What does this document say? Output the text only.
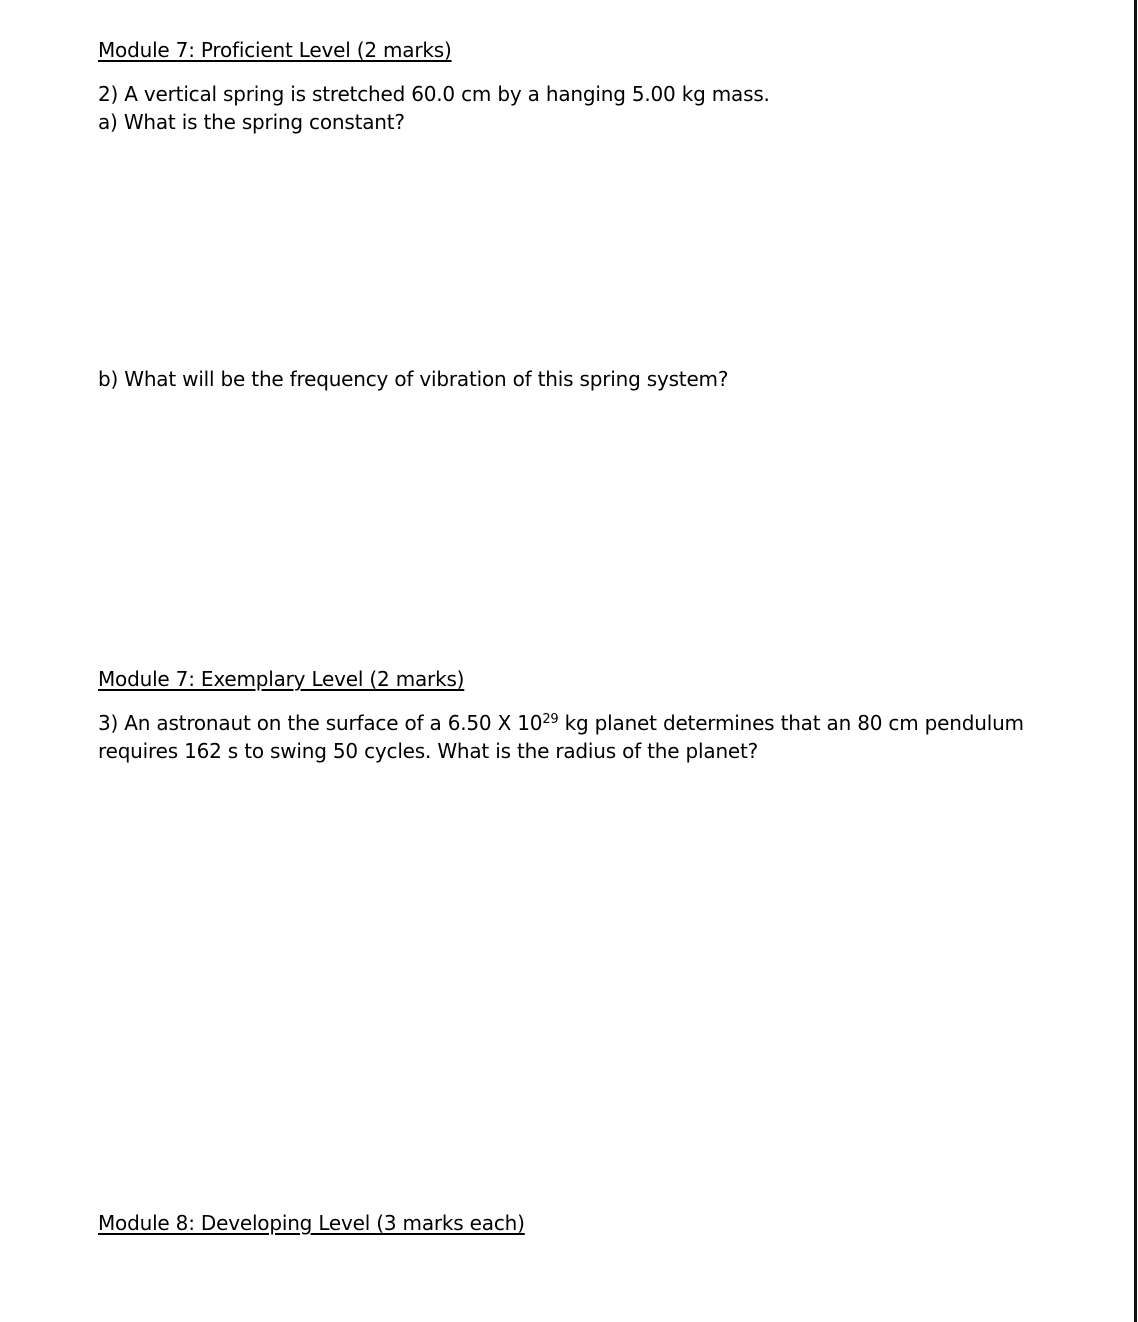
Module 7: Proficient Level (2 marks)
2) A vertical spring is stretched 60.0 cm by a hanging 5.00 kg mass.
a) What is the spring constant?
b) What will be the frequency of vibration of this spring system?
Module 7: Exemplary Level (2 marks)
3) An astronaut on the surface of a 6.50 X $10^{29}$ kg planet determines that an 80 cm pendulum
requires 162 s to swing 50 cycles. What is the radius of the planet?
Module 8: Developing Level (3 marks each)
